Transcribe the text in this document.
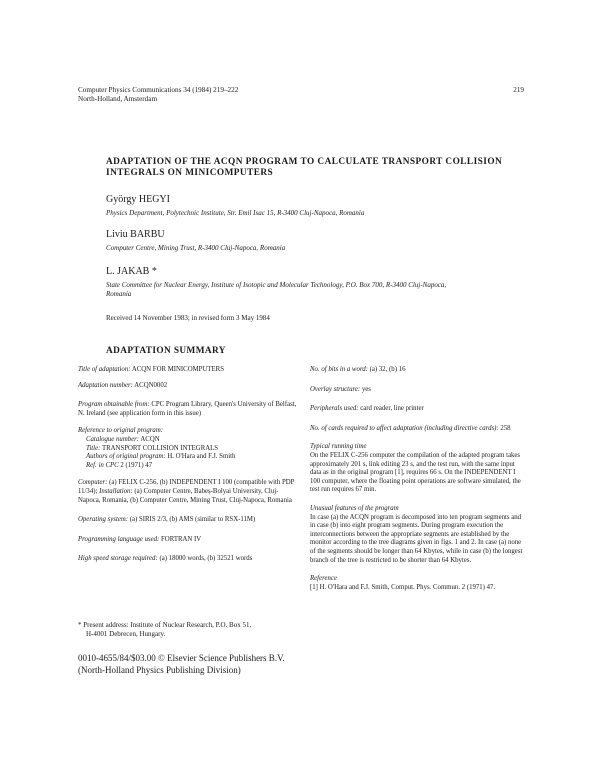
Computer Physics Communications 34 (1984) 219–222
North-Holland, Amsterdam
219
ADAPTATION OF THE ACQN PROGRAM TO CALCULATE TRANSPORT COLLISION
INTEGRALS ON MINICOMPUTERS
György HEGYI
Physics Department, Polytechnic Institute, Str. Emil Isac 15, R-3400 Cluj-Napoca, Romania
Liviu BARBU
Computer Centre, Mining Trust, R-3400 Cluj-Napoca, Romania
L. JAKAB *
State Committee for Nuclear Energy, Institute of Isotopic and Molecular Technology, P.O. Box 700, R-3400 Cluj-Napoca,
Romania
Received 14 November 1983; in revised form 3 May 1984
ADAPTATION SUMMARY
Title of adaptation: ACQN FOR MINICOMPUTERS
Adaptation number: ACQN0002
Program obtainable from: CPC Program Library, Queen's University of Belfast, N. Ireland (see application form in this issue)
Reference to original program:
Catalogue number: ACQN
Title: TRANSPORT COLLISION INTEGRALS
Authors of original program: H. O'Hara and F.J. Smith
Ref. in CPC 2 (1971) 47
Computer: (a) FELIX C-256, (b) INDEPENDENT I 100 (compatible with PDP 11/34); Installation: (a) Computer Centre, Babeș-Bolyai University, Cluj-Napoca, Romania, (b) Computer Centre, Mining Trust, Cluj-Napoca, Romania
Operating system: (a) SIRIS 2/3, (b) AMS (similar to RSX-11M)
Programming language used: FORTRAN IV
High speed storage required: (a) 18000 words, (b) 32521 words
No. of bits in a word: (a) 32, (b) 16
Overlay structure: yes
Peripherals used: card reader, line printer
No. of cards required to affect adaptation (including directive cards): 258
Typical running time
On the FELIX C-256 computer the compilation of the adapted program takes approximately 201 s, link editing 23 s, and the test run, with the same input data as in the original program [1], requires 66 s. On the INDEPENDENT I 100 computer, where the floating point operations are software simulated, the test run requires 67 min.
Unusual features of the program
In case (a) the ACQN program is decomposed into ten program segments and in case (b) into eight program segments. During program execution the interconnections between the appropriate segments are established by the monitor according to the tree diagrams given in figs. 1 and 2. In case (a) none of the segments should be longer than 64 Kbytes, while in case (b) the longest branch of the tree is restricted to be shorter than 64 Kbytes.
Reference
[1] H. O'Hara and F.J. Smith, Comput. Phys. Commun. 2 (1971) 47.
* Present address: Institute of Nuclear Research, P.O. Box 51,
H-4001 Debrecen, Hungary.
0010-4655/84/$03.00 © Elsevier Science Publishers B.V.
(North-Holland Physics Publishing Division)
